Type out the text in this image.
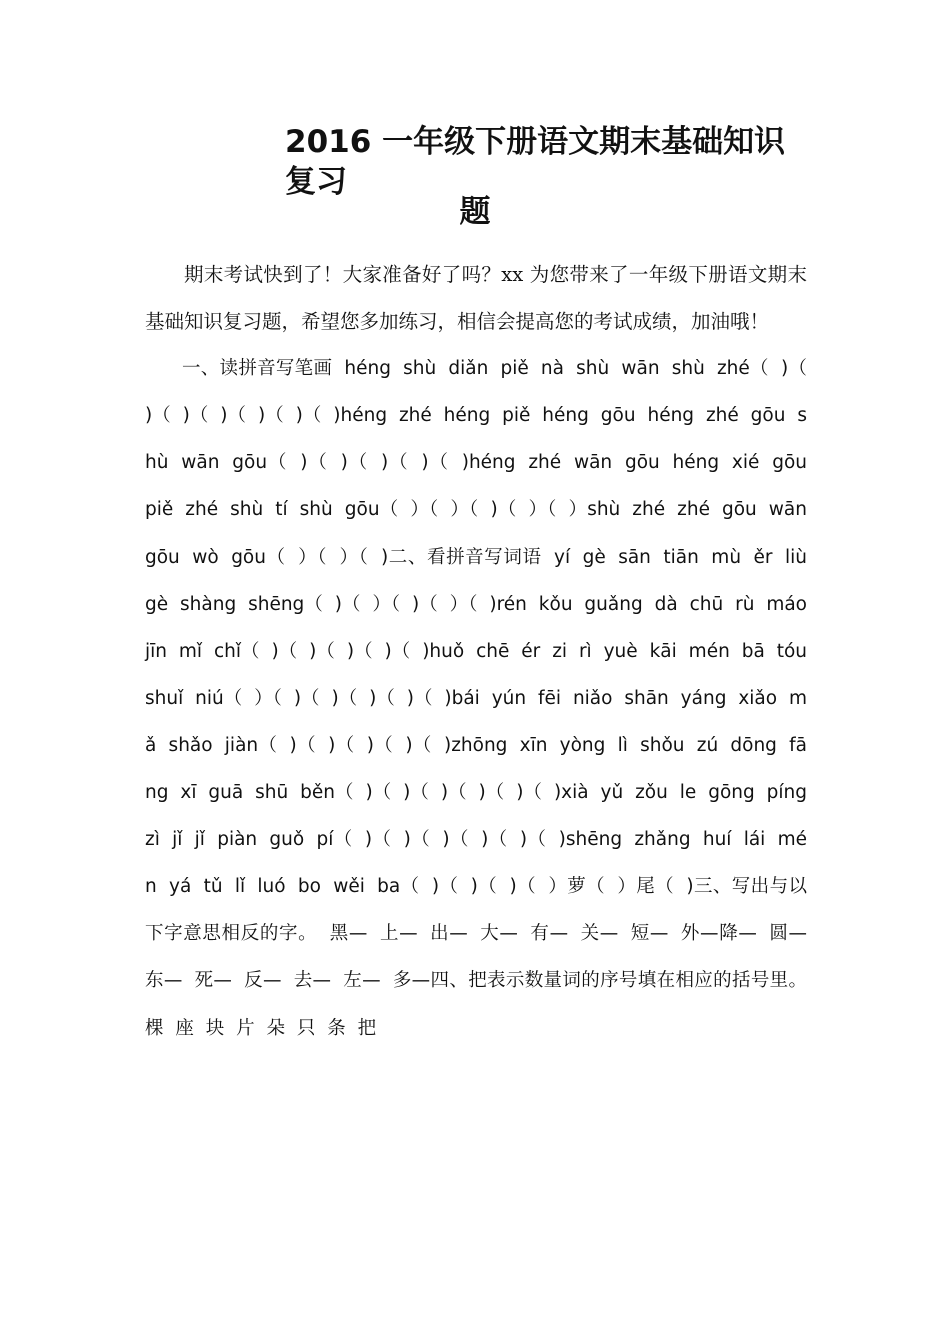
2016 一年级下册语文期末基础知识复习
题

期末考试快到了！大家准备好了吗？xx 为您带来了一年级下册语文期末基础知识复习题，希望您多加练习，相信会提高您的考试成绩，加油哦！

一、读拼音写笔画 héng shù diǎn piě nà shù wān shù zhé（ )（ )（ )（ )（ )（ )（ )héng zhé héng piě héng gōu héng zhé gōu shù wān gōu（ )（ )（ )（ )（ )héng zhé wān gōu héng xié gōu piě zhé shù tí shù gōu（ ）（ ）（ )（ ）（ ）shù zhé zhé gōu wān gōu wò gōu（ ）（ ）（ )二、看拼音写词语 yí gè sān tiān mù ěr liù gè shàng shēng（ )（ ）（ )（ ）（ )rén kǒu guǎng dà chū rù máo jīn mǐ chǐ（ )（ )（ )（ )（ )huǒ chē ér zi rì yuè kāi mén bā tóu shuǐ niú（ ）（ )（ )（ )（ )（ )bái yún fēi niǎo shān yáng xiǎo mǎ shǎo jiàn（ )（ )（ )（ )（ )zhōng xīn yòng lì shǒu zú dōng fāng xī guā shū běn（ )（ )（ )（ )（ )（ )xià yǔ zǒu le gōng píng zì jǐ jǐ piàn guǒ pí（ )（ )（ )（ )（ )（ )shēng zhǎng huí lái mén yá tǔ lǐ luó bo wěi ba（ )（ )（ )（ ）萝（ ）尾（ )三、写出与以下字意思相反的字。 黑— 上— 出— 大— 有— 关— 短— 外—降— 圆— 东— 死— 反— 去— 左— 多—四、把表示数量词的序号填在相应的括号里。棵 座 块 片 朵 只 条 把
